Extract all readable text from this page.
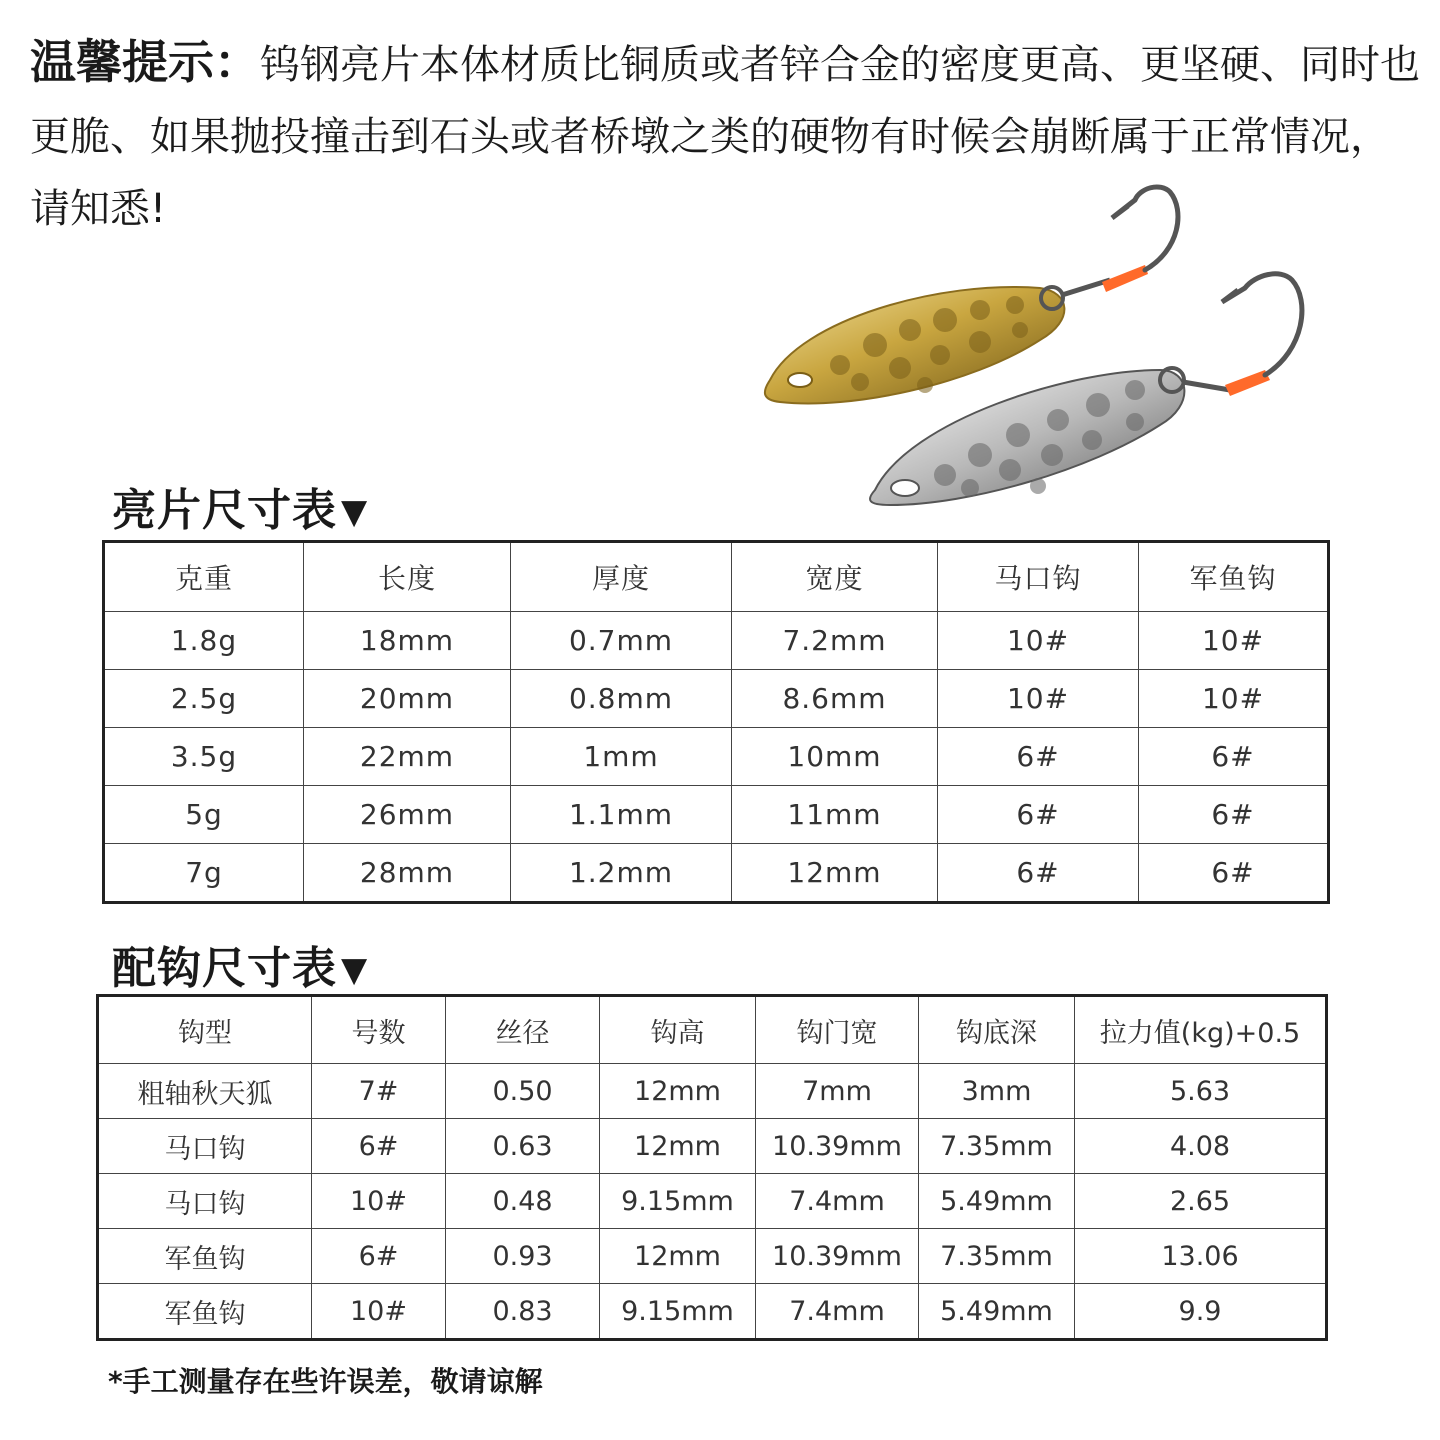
温馨提示：钨钢亮片本体材质比铜质或者锌合金的密度更高、更坚硬、同时也更脆、如果抛投撞击到石头或者桥墩之类的硬物有时候会崩断属于正常情况，请知悉!
亮片尺寸表 ▼
克重	长度	厚度	宽度	马口钩	军鱼钩
1.8g	18mm	0.7mm	7.2mm	10#	10#
2.5g	20mm	0.8mm	8.6mm	10#	10#
3.5g	22mm	1mm	10mm	6#	6#
5g	26mm	1.1mm	11mm	6#	6#
7g	28mm	1.2mm	12mm	6#	6#
配钩尺寸表 ▼
钩型	号数	丝径	钩高	钩门宽	钩底深	拉力值(kg)+0.5
粗轴秋天狐	7#	0.50	12mm	7mm	3mm	5.63
马口钩	6#	0.63	12mm	10.39mm	7.35mm	4.08
马口钩	10#	0.48	9.15mm	7.4mm	5.49mm	2.65
军鱼钩	6#	0.93	12mm	10.39mm	7.35mm	13.06
军鱼钩	10#	0.83	9.15mm	7.4mm	5.49mm	9.9
*手工测量存在些许误差，敬请谅解
